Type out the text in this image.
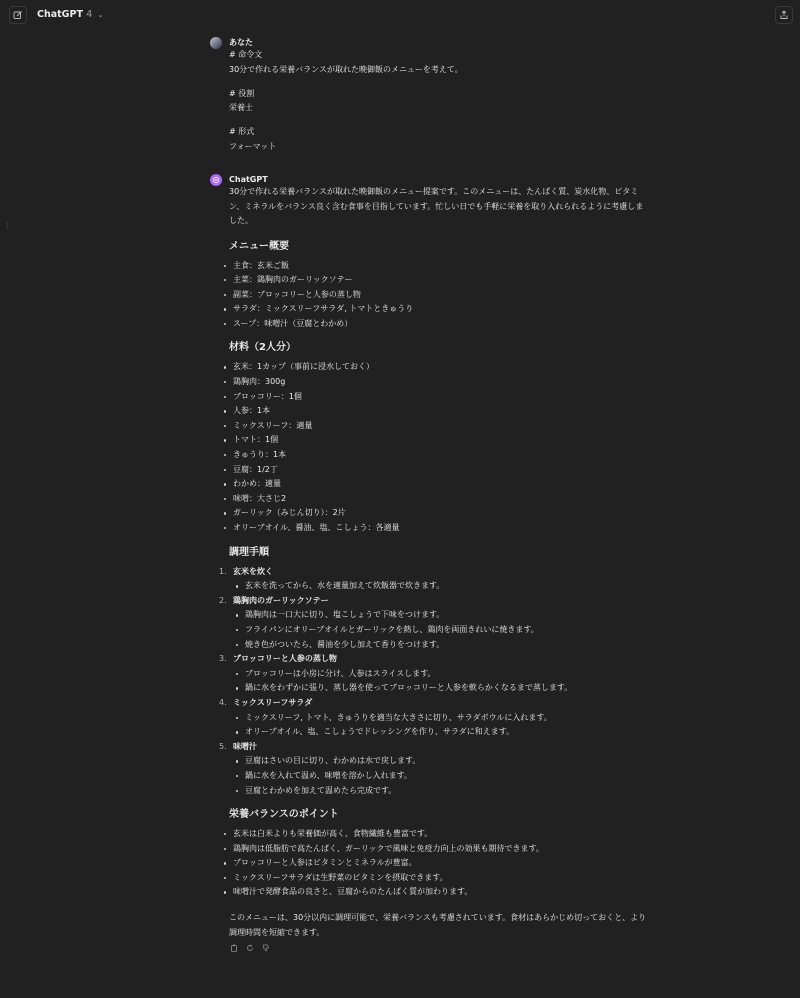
ChatGPT 4 ⌄
⟩
あなた
# 命令文
30分で作れる栄養バランスが取れた晩御飯のメニューを考えて。
# 役割
栄養士
# 形式
フォーマット
ChatGPT
30分で作れる栄養バランスが取れた晩御飯のメニュー提案です。このメニューは、たんぱく質、炭水化物、ビタミ
ン、ミネラルをバランス良く含む食事を目指しています。忙しい日でも手軽に栄養を取り入れられるように考慮しま
した。
メニュー概要
主食：玄米ご飯
主菜：鶏胸肉のガーリックソテー
副菜：ブロッコリーと人参の蒸し物
サラダ：ミックスリーフサラダ, トマトときゅうり
スープ：味噌汁（豆腐とわかめ）
材料（2人分）
玄米：1カップ（事前に浸水しておく）
鶏胸肉：300g
ブロッコリー：1個
人参：1本
ミックスリーフ：適量
トマト：1個
きゅうり：1本
豆腐：1/2丁
わかめ：適量
味噌：大さじ2
ガーリック（みじん切り）：2片
オリーブオイル、醤油、塩、こしょう：各適量
調理手順
1. 玄米を炊く
玄米を洗ってから、水を適量加えて炊飯器で炊きます。
2. 鶏胸肉のガーリックソテー
鶏胸肉は一口大に切り、塩こしょうで下味をつけます。
フライパンにオリーブオイルとガーリックを熱し、鶏肉を両面きれいに焼きます。
焼き色がついたら、醤油を少し加えて香りをつけます。
3. ブロッコリーと人参の蒸し物
ブロッコリーは小房に分け、人参はスライスします。
鍋に水をわずかに張り、蒸し器を使ってブロッコリーと人参を軟らかくなるまで蒸します。
4. ミックスリーフサラダ
ミックスリーフ, トマト、きゅうりを適当な大きさに切り、サラダボウルに入れます。
オリーブオイル、塩、こしょうでドレッシングを作り、サラダに和えます。
5. 味噌汁
豆腐はさいの目に切り、わかめは水で戻します。
鍋に水を入れて温め、味噌を溶かし入れます。
豆腐とわかめを加えて温めたら完成です。
栄養バランスのポイント
玄米は白米よりも栄養価が高く、食物繊維も豊富です。
鶏胸肉は低脂肪で高たんぱく、ガーリックで風味と免疫力向上の効果も期待できます。
ブロッコリーと人参はビタミンとミネラルが豊富。
ミックスリーフサラダは生野菜のビタミンを摂取できます。
味噌汁で発酵食品の良さと、豆腐からのたんぱく質が加わります。
このメニューは、30分以内に調理可能で、栄養バランスも考慮されています。食材はあらかじめ切っておくと、より
調理時間を短縮できます。
